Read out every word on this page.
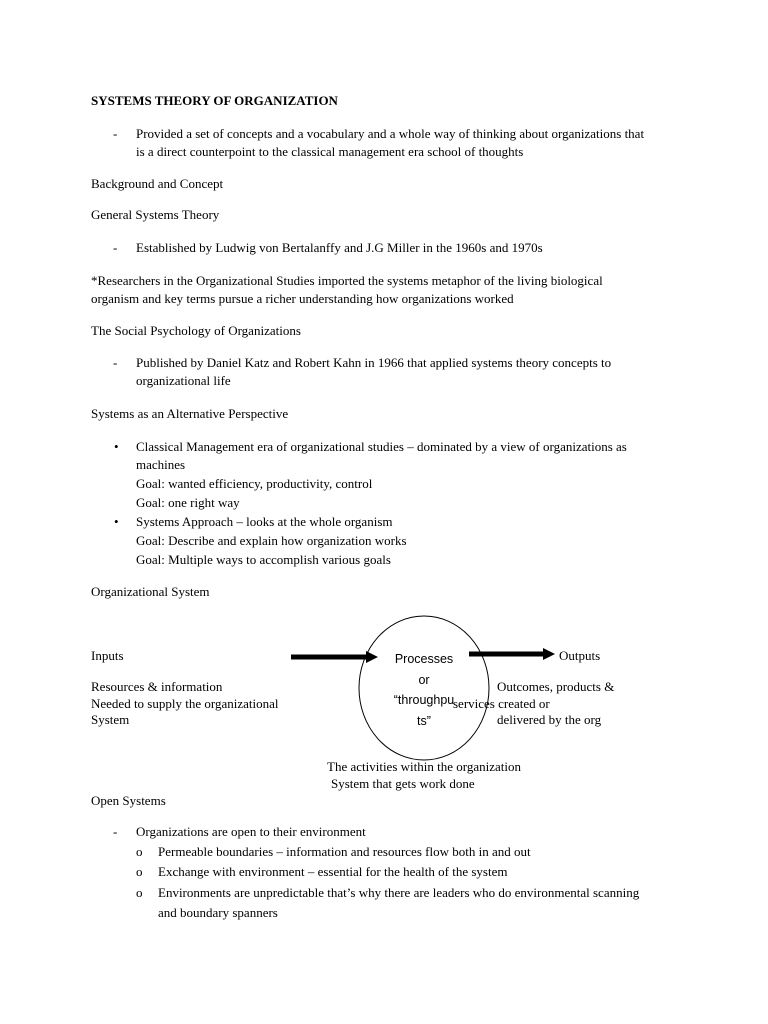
SYSTEMS THEORY OF ORGANIZATION
- Provided a set of concepts and a vocabulary and a whole way of thinking about organizations that
is a direct counterpoint to the classical management era school of thoughts
Background and Concept
General Systems Theory
- Established by Ludwig von Bertalanffy and J.G Miller in the 1960s and 1970s
*Researchers in the Organizational Studies imported the systems metaphor of the living biological
organism and key terms pursue a richer understanding how organizations worked
The Social Psychology of Organizations
- Published by Daniel Katz and Robert Kahn in 1966 that applied systems theory concepts to
organizational life
Systems as an Alternative Perspective
• Classical Management era of organizational studies – dominated by a view of organizations as
machines
Goal: wanted efficiency, productivity, control
Goal: one right way
• Systems Approach – looks at the whole organism
Goal: Describe and explain how organization works
Goal: Multiple ways to accomplish various goals
Organizational System
Inputs
Resources & information
Needed to supply the organizational
System
Processes
or
“throughpu
ts”
Outputs
Outcomes, products &
services created or
delivered by the org
The activities within the organization
System that gets work done
Open Systems
- Organizations are open to their environment
o Permeable boundaries – information and resources flow both in and out
o Exchange with environment – essential for the health of the system
o Environments are unpredictable that’s why there are leaders who do environmental scanning
and boundary spanners
